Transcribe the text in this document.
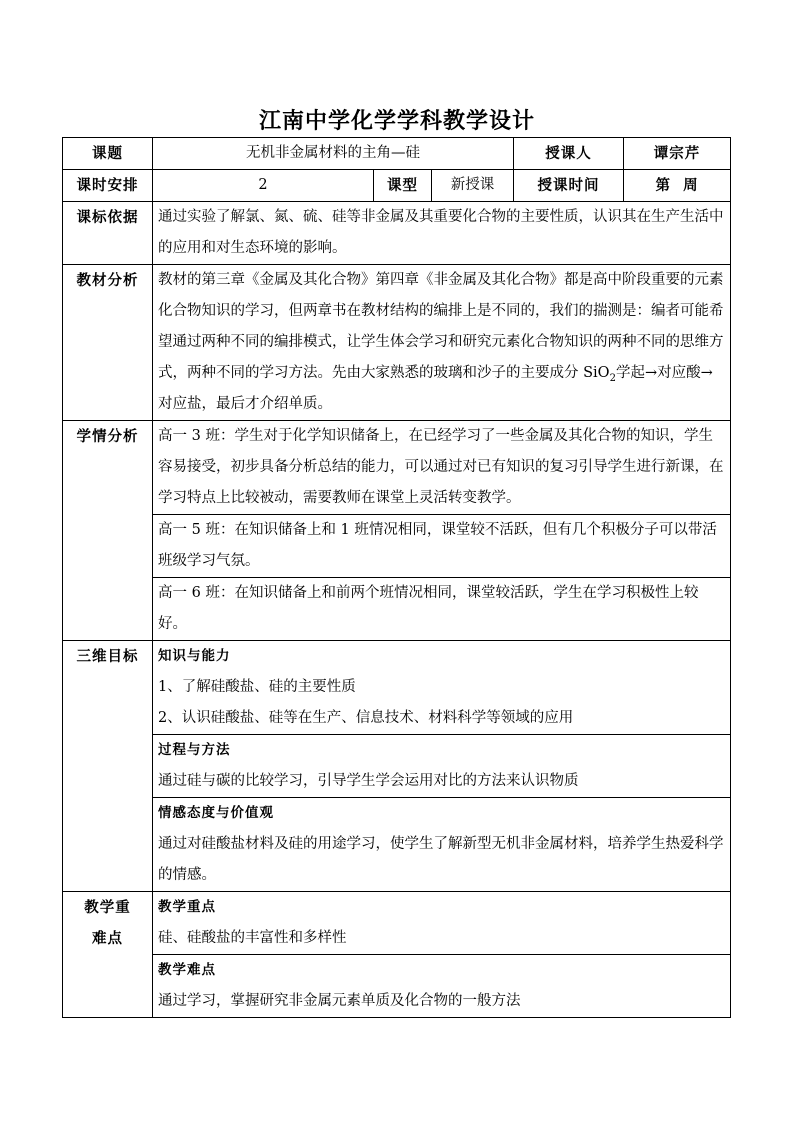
江南中学化学学科教学设计
课题	无机非金属材料的主角—硅			授课人	谭宗芹
课时安排	2	课型	新授课	授课时间	第  周
课标依据	通过实验了解氯、氮、硫、硅等非金属及其重要化合物的主要性质，认识其在生产生活中的应用和对生态环境的影响。				
教材分析	教材的第三章《金属及其化合物》第四章《非金属及其化合物》都是高中阶段重要的元素化合物知识的学习，但两章书在教材结构的编排上是不同的，我们的揣测是：编者可能希望通过两种不同的编排模式，让学生体会学习和研究元素化合物知识的两种不同的思维方式，两种不同的学习方法。先由大家熟悉的玻璃和沙子的主要成分 SiO$_2$学起→对应酸→对应盐，最后才介绍单质。				
学情分析	高一 3 班：学生对于化学知识储备上，在已经学习了一些金属及其化合物的知识，学生容易接受，初步具备分析总结的能力，可以通过对已有知识的复习引导学生进行新课，在学习特点上比较被动，需要教师在课堂上灵活转变教学。				
	高一 5 班：在知识储备上和 1 班情况相同，课堂较不活跃，但有几个积极分子可以带活班级学习气氛。				
	高一 6 班：在知识储备上和前两个班情况相同，课堂较活跃，学生在学习积极性上较好。				
三维目标	知识与能力
1、了解硅酸盐、硅的主要性质
2、认识硅酸盐、硅等在生产、信息技术、材料科学等领域的应用				

	过程与方法
通过硅与碳的比较学习，引导学生学会运用对比的方法来认识物质				

	情感态度与价值观
通过对硅酸盐材料及硅的用途学习，使学生了解新型无机非金属材料，培养学生热爱科学的情感。				

教学重难点	教学重点
硅、硅酸盐的丰富性和多样性				

	教学难点
通过学习，掌握研究非金属元素单质及化合物的一般方法				
